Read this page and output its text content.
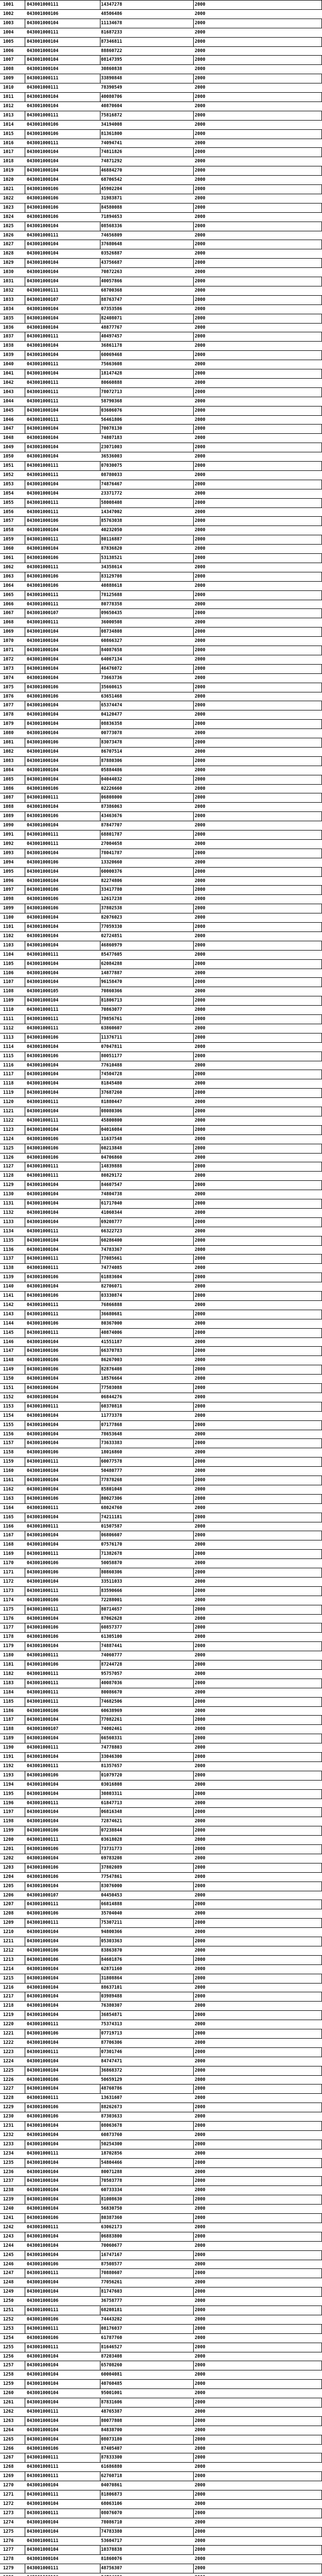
1001	043001000111	14347278	2000
1002	043001000106	48506486	2000
1003	043001000104	11134678	2000
1004	043001000111	81687233	2000
1005	043001000104	87346811	2000
1006	043001000104	88860722	2000
1007	043001000104	08147395	2000
1008	043001000104	30860838	2000
1009	043001000111	33890848	2000
1010	043001000111	78390549	2000
1011	043001000104	40080706	2000
1012	043001000104	40870604	2000
1013	043001000111	75816872	2000
1014	043001000106	34194008	2000
1015	043001000106	81361800	2000
1016	043001000111	74094741	2000
1017	043001000104	74811826	2000
1018	043001000104	74871292	2000
1019	043001000104	46884270	2000
1020	043001000104	68706542	2000
1021	043001000106	45902204	2000
1022	043001000106	31983871	2000
1023	043001000106	84580088	2000
1024	043001000106	71894653	2000
1025	043001000104	08568336	2000
1026	043001000111	74656809	2000
1027	043001000104	37680648	2000
1028	043001000104	03526887	2000
1029	043001000104	43756687	2000
1030	043001000104	70872263	2000
1031	043001000104	40057866	2000
1032	043001000111	68700368	2000
1033	043001000107	88763747	2000
1034	043001000104	07353586	2000
1035	043001000104	82408071	2000
1036	043001000104	48877767	2000
1037	043001000111	40497457	2000
1038	043001000104	36861178	2000
1039	043001000104	60069468	2000
1040	043001000111	75663608	2000
1041	043001000104	18147428	2000
1042	043001000111	80660888	2000
1043	043001000111	78072713	2000
1044	043001000111	58790368	2000
1045	043001000104	03606076	2000
1046	043001000111	56461806	2000
1047	043001000104	70078130	2000
1048	043001000104	74807183	2000
1049	043001000104	23071003	2000
1050	043001000104	36536003	2000
1051	043001000111	07030075	2000
1052	043001000111	08780033	2000
1053	043001000104	74876467	2000
1054	043001000104	23371772	2000
1055	043001000111	58008408	2000
1056	043001000111	14347002	2000
1057	043001000106	85763038	2000
1058	043001000104	40232050	2000
1059	043001000111	80116887	2000
1060	043001000104	87836820	2000
1061	043001000106	53138521	2000
1062	043001000111	34358614	2000
1063	043001000106	83129708	2000
1064	043001000106	40888618	2000
1065	043001000111	78125688	2000
1066	043001000111	80778358	2000
1067	043001000107	09650435	2000
1068	043001000111	36000508	2000
1069	043001000104	08734808	2000
1070	043001000104	60866327	2000
1071	043001000104	84087658	2000
1072	043001000104	64067134	2000
1073	043001000104	46476072	2000
1074	043001000104	73663736	2000
1075	043001000106	35660615	2000
1076	043001000106	63651468	2000
1077	043001000104	65374474	2000
1078	043001000104	04120477	2000
1079	043001000104	08836358	2000
1080	043001000104	00773078	2000
1081	043001000106	83073478	2000
1082	043001000104	86707514	2000
1083	043001000104	87880306	2000
1084	043001000104	05884486	2000
1085	043001000104	04044032	2000
1086	043001000106	02226660	2000
1087	043001000111	06808000	2000
1088	043001000104	87386063	2000
1089	043001000106	43463676	2000
1090	043001000104	87847707	2000
1091	043001000111	68801787	2000
1092	043001000111	27004658	2000
1093	043001000104	78041787	2000
1094	043001000106	13320660	2000
1095	043001000104	60000376	2000
1096	043001000104	82274806	2000
1097	043001000106	33417780	2000
1098	043001000106	12617238	2000
1099	043001000106	37802538	2000
1100	043001000104	82076023	2000
1101	043001000104	77059330	2000
1102	043001000104	02724851	2000
1103	043001000104	46860979	2000
1104	043001000111	85477605	2000
1105	043001000104	62084288	2000
1106	043001000104	14877887	2000
1107	043001000104	96158470	2000
1108	043001000105	70860366	2000
1109	043001000104	81806713	2000
1110	043001000111	70863077	2000
1111	043001000111	79856761	2000
1112	043001000111	63860607	2000
1113	043001000106	11376711	2000
1114	043001000104	07047811	2000
1115	043001000106	80051177	2000
1116	043001000104	77610488	2000
1117	043001000104	74504728	2000
1118	043001000104	81845480	2000
1119	043001000104	37687260	2000
1120	043001000111	81880447	2000
1121	043001000104	08080306	2000
1122	043001000111	45800800	2000
1123	043001000104	04016084	2000
1124	043001000106	11637548	2000
1125	043001000106	60213848	2000
1126	043001000106	04706860	2000
1127	043001000111	14839888	2000
1128	043001000111	80829172	2000
1129	043001000104	84607547	2000
1130	043001000104	74804738	2000
1131	043001000104	61717040	2000
1132	043001000104	41060344	2000
1133	043001000104	69208777	2000
1134	043001000111	66322723	2000
1135	043001000104	60286400	2000
1136	043001000104	74783367	2000
1137	043001000111	77085661	2000
1138	043001000111	74774085	2000
1139	043001000106	61883604	2000
1140	043001000104	82706071	2000
1141	043001000106	03330874	2000
1142	043001000111	76866888	2000
1143	043001000111	36680681	2000
1144	043001000106	80367000	2000
1145	043001000111	40874006	2000
1146	043001000104	41551187	2000
1147	043001000106	66370783	2000
1148	043001000106	86267003	2000
1149	043001000106	82876408	2000
1150	043001000104	18576664	2000
1151	043001000104	77503088	2000
1152	043001000104	06844276	2000
1153	043001000111	60370818	2000
1154	043001000104	11773378	2000
1155	043001000104	07177868	2000
1156	043001000104	78653648	2000
1157	043001000104	73633383	2000
1158	043001000106	18016860	2000
1159	043001000111	60077578	2000
1160	043001000104	50480777	2000
1161	043001000104	77878268	2000
1162	043001000104	85801048	2000
1163	043001000106	80027306	2000
1164	043001000111	68024760	2000
1165	043001000104	74211181	2000
1166	043001000111	01507587	2000
1167	043001000104	06806607	2000
1168	043001000104	07576170	2000
1169	043001000111	71382678	2000
1170	043001000106	50058870	2000
1171	043001000106	80860306	2000
1172	043001000104	33511033	2000
1173	043001000111	83590666	2000
1174	043001000106	72288001	2000
1175	043001000111	80714657	2000
1176	043001000104	87062628	2000
1177	043001000106	60857377	2000
1178	043001000106	61305100	2000
1179	043001000104	74887441	2000
1180	043001000111	74060777	2000
1181	043001000106	87244728	2000
1182	043001000111	95757057	2000
1183	043001000111	40087036	2000
1184	043001000111	80086670	2000
1185	043001000111	74682506	2000
1186	043001000106	60638969	2000
1187	043001000104	77082261	2000
1188	043001000107	74002461	2000
1189	043001000104	66560331	2000
1190	043001000111	74778803	2000
1191	043001000104	33046300	2000
1192	043001000111	81357657	2000
1193	043001000106	01079720	2000
1194	043001000104	03016808	2000
1195	043001000104	30803311	2000
1196	043001000111	61847713	2000
1197	043001000104	06816348	2000
1198	043001000104	72874621	2000
1199	043001000106	07238844	2000
1200	043001000111	03618028	2000
1201	043001000106	73731773	2000
1202	043001000104	69783208	2000
1203	043001000106	37802089	2000
1204	043001000106	77547861	2000
1205	043001000104	83076000	2000
1206	043001000107	04450453	2000
1207	043001000111	66814888	2000
1208	043001000106	35704040	2000
1209	043001000111	75307211	2000
1210	043001000104	94800366	2000
1211	043001000104	05303363	2000
1212	043001000106	83863870	2000
1213	043001000106	84601876	2000
1214	043001000104	62871160	2000
1215	043001000104	31808864	2000
1216	043001000104	88637101	2000
1217	043001000104	03989488	2000
1218	043001000104	76380307	2000
1219	043001000104	36854871	2000
1220	043001000111	75374313	2000
1221	043001000106	07719713	2000
1222	043001000104	87706306	2000
1223	043001000111	07301746	2000
1224	043001000104	84747471	2000
1225	043001000104	36868372	2000
1226	043001000106	50659129	2000
1227	043001000104	48760786	2000
1228	043001000111	13631607	2000
1229	043001000106	88262673	2000
1230	043001000106	87303633	2000
1231	043001000104	08063678	2000
1232	043001000104	60873760	2000
1233	043001000104	50254300	2000
1234	043001000111	18702856	2000
1235	043001000104	54804466	2000
1236	043001000104	80071288	2000
1237	043001000104	70503778	2000
1238	043001000104	60733334	2000
1239	043001000104	81008630	2000
1240	043001000104	56830750	2000
1241	043001000106	80387360	2000
1242	043001000111	63062173	2000
1243	043001000104	06883800	2000
1244	043001000104	70060677	2000
1245	043001000104	16747167	2000
1246	043001000106	87508577	2000
1247	043001000111	70880607	2000
1248	043001000104	77056261	2000
1249	043001000104	81747603	2000
1250	043001000106	36758777	2000
1251	043001000111	68208181	2000
1252	043001000106	74443202	2000
1253	043001000111	08176037	2000
1254	043001000106	61787760	2000
1255	043001000111	81646527	2000
1256	043001000104	87203408	2000
1257	043001000104	65708260	2000
1258	043001000104	60004081	2000
1259	043001000104	40760485	2000
1260	043001000104	95001001	2000
1261	043001000104	87831606	2000
1262	043001000111	48765387	2000
1263	043001000104	80077808	2000
1264	043001000104	84838700	2000
1265	043001000104	08073180	2000
1266	043001000106	87405407	2000
1267	043001000111	87833300	2000
1268	043001000111	61686880	2000
1269	043001000111	62760718	2000
1270	043001000104	04070861	2000
1271	043001000111	81806873	2000
1272	043001000104	68063106	2000
1273	043001000111	08076070	2000
1274	043001000104	78086710	2000
1275	043001000104	74783380	2000
1276	043001000111	53604717	2000
1277	043001000104	10378838	2000
1278	043001000104	81860076	2000
1279	043001000111	48756307	2000
